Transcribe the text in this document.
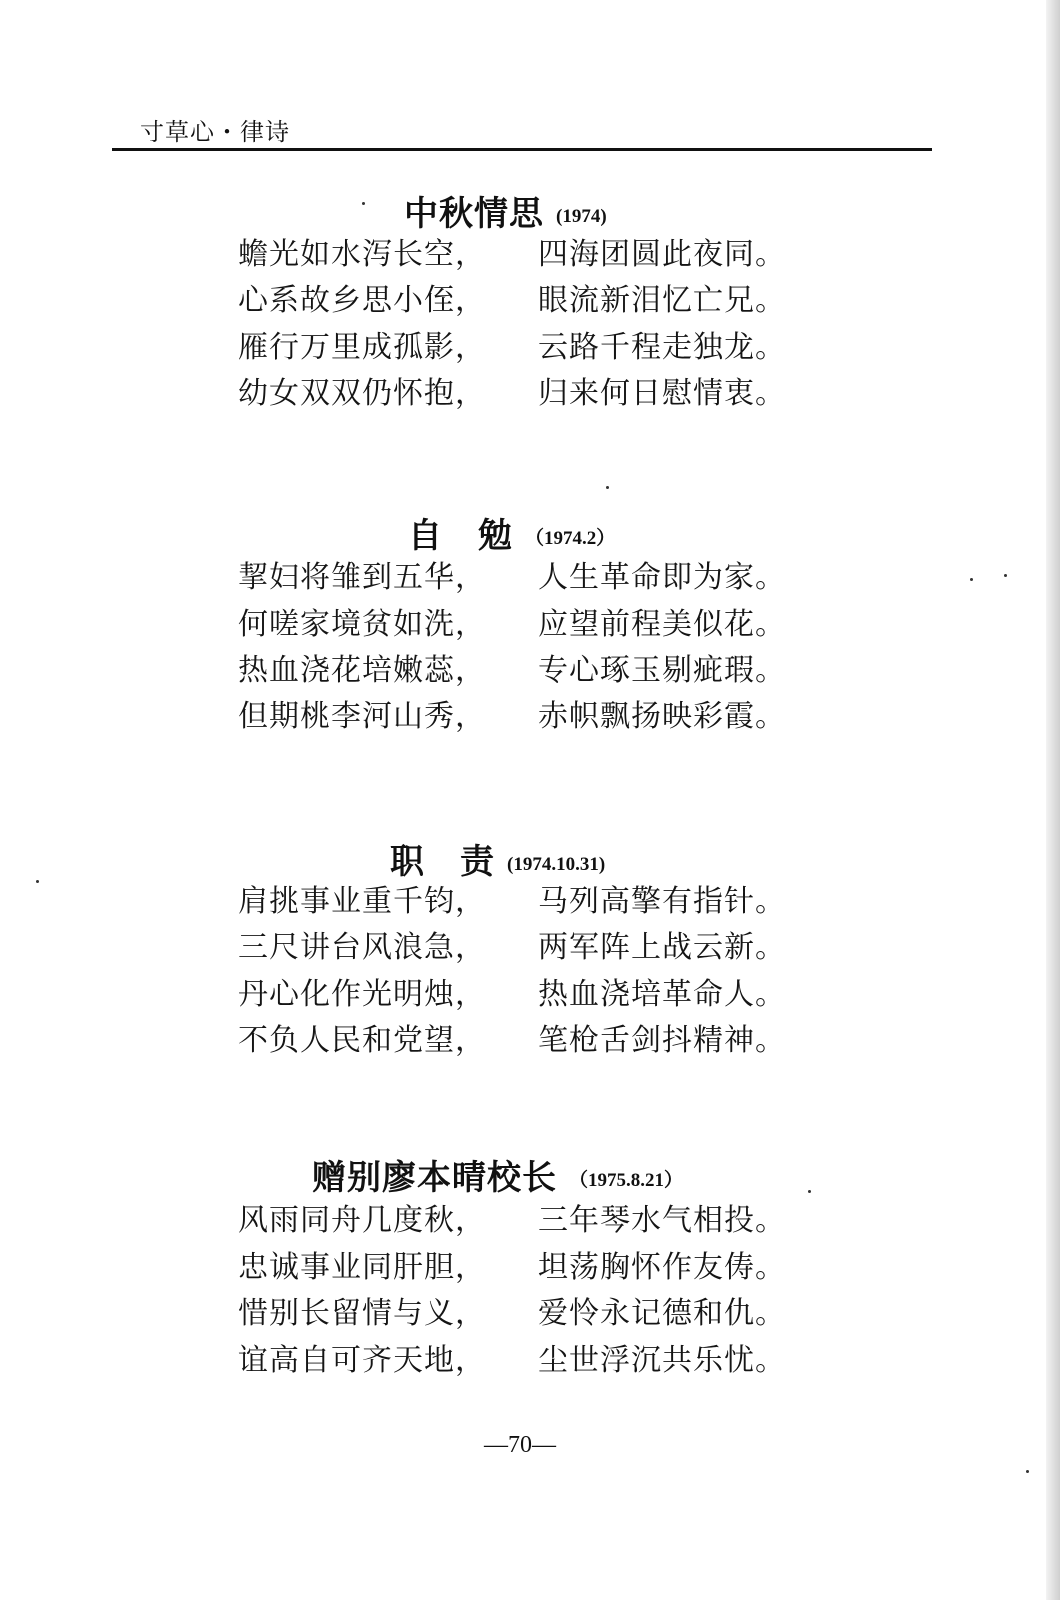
寸草心・律诗
中秋情思 (1974)
蟾光如水泻长空， 四海团圆此夜同。
心系故乡思小侄， 眼流新泪忆亡兄。
雁行万里成孤影， 云路千程走独龙。
幼女双双仍怀抱， 归来何日慰情衷。
自勉 （1974.2）
挈妇将雏到五华， 人生革命即为家。
何嗟家境贫如洗， 应望前程美似花。
热血浇花培嫩蕊， 专心琢玉剔疵瑕。
但期桃李河山秀， 赤帜飘扬映彩霞。
职责 (1974.10.31)
肩挑事业重千钧， 马列高擎有指针。
三尺讲台风浪急， 两军阵上战云新。
丹心化作光明烛， 热血浇培革命人。
不负人民和党望， 笔枪舌剑抖精神。
赠别廖本晴校长 （1975.8.21）
风雨同舟几度秋， 三年琴水气相投。
忠诚事业同肝胆， 坦荡胸怀作友俦。
惜别长留情与义， 爱怜永记德和仇。
谊高自可齐天地， 尘世浮沉共乐忧。
—70—
